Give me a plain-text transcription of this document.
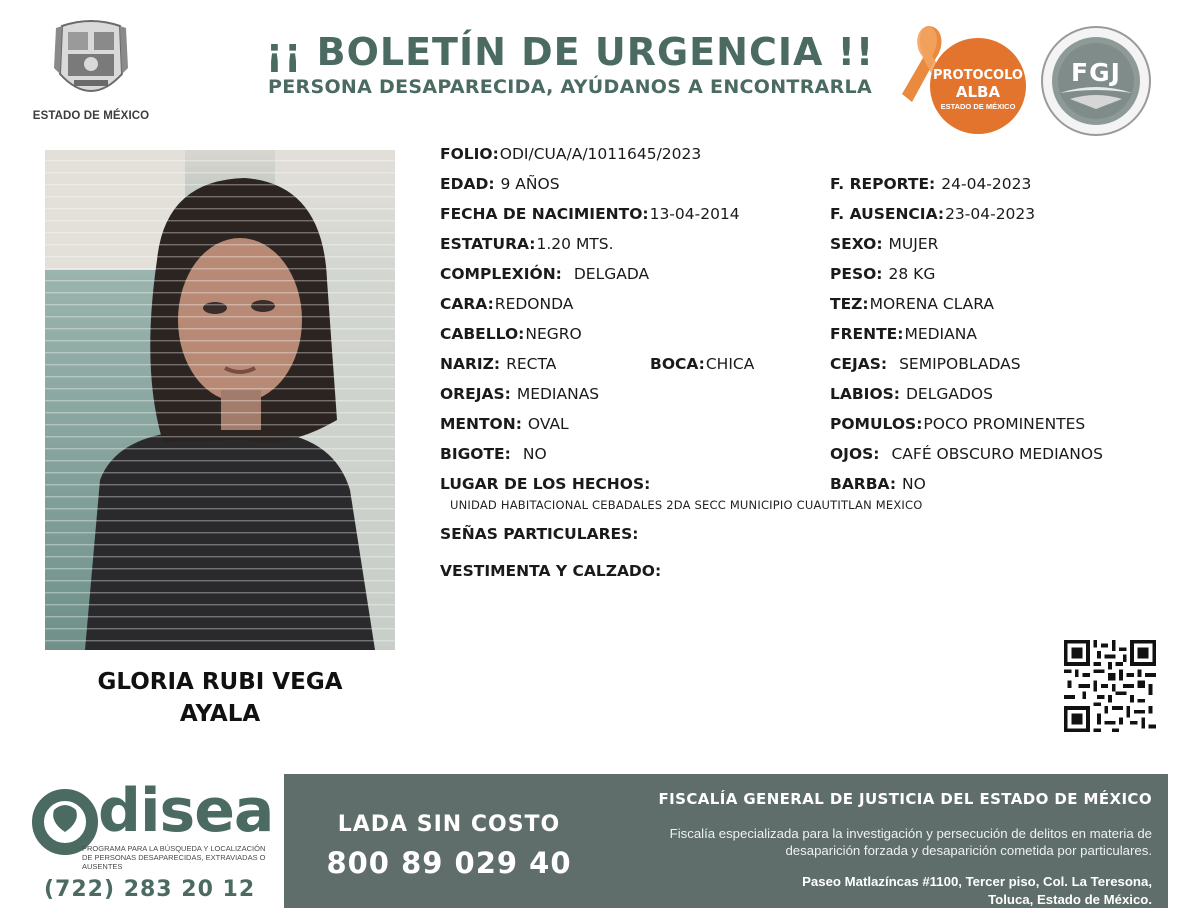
ESTADO DE MÉXICO
¡¡ BOLETÍN DE URGENCIA !!
PERSONA DESAPARECIDA, AYÚDANOS A ENCONTRARLA
PROTOCOLO
ALBA
ESTADO DE MÉXICO
FGJ
GLORIA RUBI VEGA
AYALA
FOLIO:ODI/CUA/A/1011645/2023
EDAD: 9 AÑOS
FECHA DE NACIMIENTO:13-04-2014
ESTATURA:1.20 MTS.
COMPLEXIÓN: DELGADA
CARA:REDONDA
CABELLO:NEGRO
NARIZ: RECTA	BOCA:CHICA
OREJAS: MEDIANAS
MENTON: OVAL
BIGOTE: NO
LUGAR DE LOS HECHOS:
UNIDAD HABITACIONAL CEBADALES 2DA SECC MUNICIPIO CUAUTITLAN MEXICO
SEÑAS PARTICULARES:
VESTIMENTA Y CALZADO:
F. REPORTE: 24-04-2023
F. AUSENCIA:23-04-2023
SEXO: MUJER
PESO: 28 KG
TEZ:MORENA CLARA
FRENTE:MEDIANA
CEJAS: SEMIPOBLADAS
LABIOS: DELGADOS
POMULOS:POCO PROMINENTES
OJOS: CAFÉ OBSCURO MEDIANOS
BARBA: NO
disea
PROGRAMA PARA LA BÚSQUEDA Y LOCALIZACIÓN DE PERSONAS DESAPARECIDAS, EXTRAVIADAS O AUSENTES
(722) 283 20 12
LADA SIN COSTO
800 89 029 40
FISCALÍA GENERAL DE JUSTICIA DEL ESTADO DE MÉXICO
Fiscalía especializada para la investigación y persecución de delitos en materia de desaparición forzada y desaparición cometida por particulares.
Paseo Matlazíncas #1100, Tercer piso, Col. La Teresona,
Toluca, Estado de México.
